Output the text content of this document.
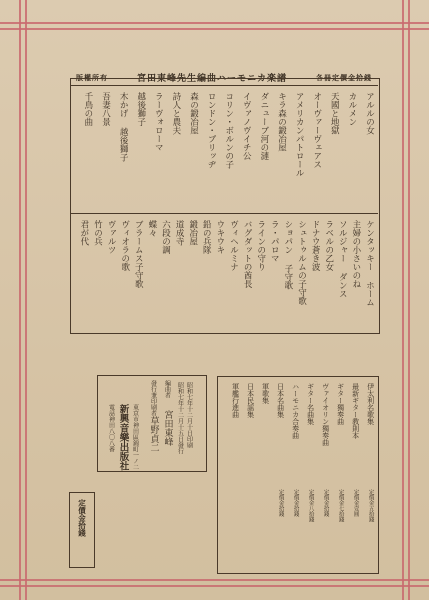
版權所有	宮田東峰先生編曲ハーモニカ楽譜	各冊定價金拾錢
アルルの女
カルメン
天國と地獄
オーヴァーヴェアス
アメリカンパトロール
キラ森の鍛冶屋
ダニューブ河の漣
イヴァノヴイチ公
コリン・ボルンの子
ロンドン・ブリッヂ
森の鍛冶屋
詩人と農夫
ラーヴォローマ
越後獅子
木かげ 越後獅子
吾妻八景
千鳥の曲
ケンタッキー ホーム
主婦の小さいのね
ソルジャー ダンス
ラベルの乙女
ドナウ蒼き波
シュトゥルムの子守歌
ショパン 子守歌
ラ・パロマ
ラインの守り
バグダットの酋長
ヴィヘルミナ
ウキウキ
鉛の兵隊
鍛冶屋
道成寺
六段の調
蝶々
ブラームス子守歌
ヴィオラの歌
ヴァルツ
竹の兵
君が代
昭和七年十二月十日印刷
昭和七年十二月十五日發行
編曲者
宮田東峰
發行兼印刷者
草野貞二
東京市神田區錦町一ノ二
新興音樂出版社
電話神田八〇八番
定價金拾錢
伊太利名歌集
最新ギター教則本
ギター獨奏曲
ヴァイオリン獨奏曲
ギター名曲集
ハーモニカ合奏曲
日本名曲集
軍歌集
日本民謡集
軍艦行進曲
定價金五拾錢
定價金壹圓
定價金七拾錢
定價金拾錢
定價金八拾錢
定價金拾錢
定價金拾錢
